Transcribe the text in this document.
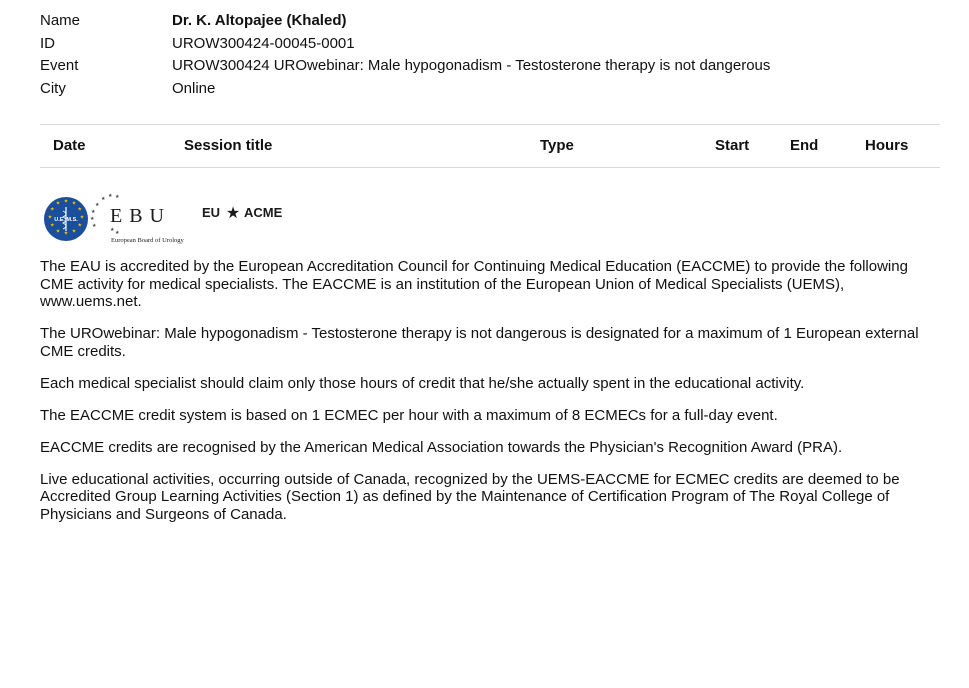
Name	Dr. K. Altopajee (Khaled)
ID	UROW300424-00045-0001
Event	UROW300424 UROwebinar: Male hypogonadism - Testosterone therapy is not dangerous
City	Online
Date	Session title	Type	Start	End	Hours
★ ★
★
★
★
★
★
★
★
★
★
★
U.E. M.S.
★
★
★
★
★ ★ ★
★ ★
E B U
European Board of Urology
EU ★ ACME

The EAU is accredited by the European Accreditation Council for Continuing Medical Education (EACCME) to provide the following CME activity for medical specialists. The EACCME is an institution of the European Union of Medical Specialists (UEMS), www.uems.net.

The UROwebinar: Male hypogonadism - Testosterone therapy is not dangerous is designated for a maximum of 1 European external CME credits.

Each medical specialist should claim only those hours of credit that he/she actually spent in the educational activity.

The EACCME credit system is based on 1 ECMEC per hour with a maximum of 8 ECMECs for a full-day event.

EACCME credits are recognised by the American Medical Association towards the Physician's Recognition Award (PRA).

Live educational activities, occurring outside of Canada, recognized by the UEMS-EACCME for ECMEC credits are deemed to be Accredited Group Learning Activities (Section 1) as defined by the Maintenance of Certification Program of The Royal College of Physicians and Surgeons of Canada.
